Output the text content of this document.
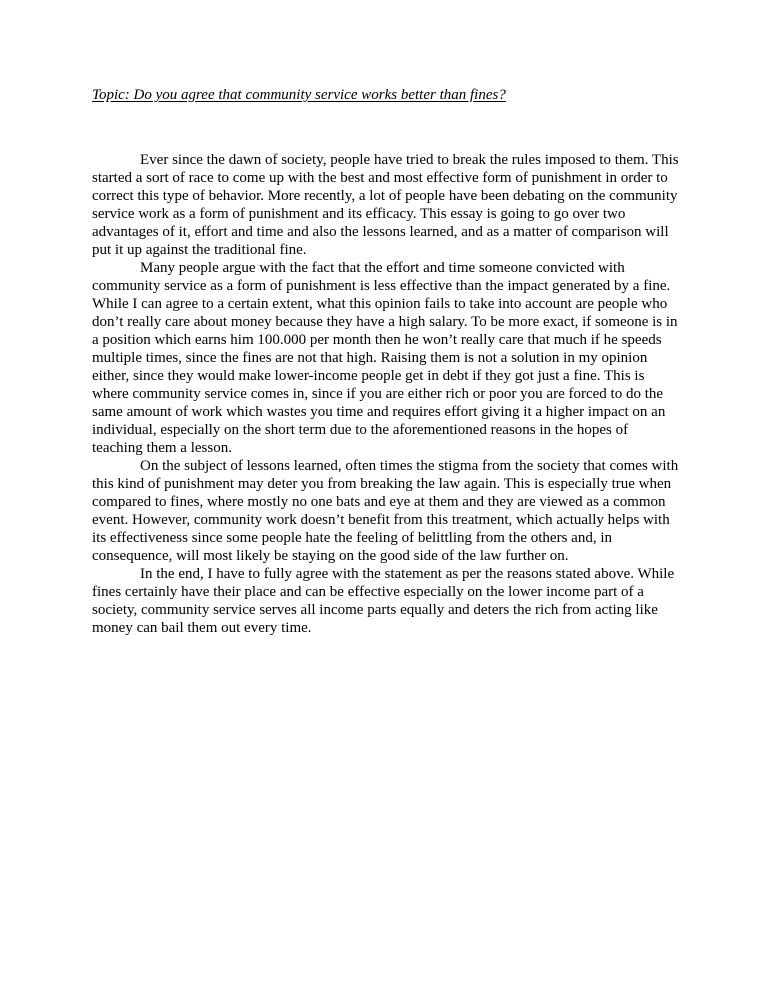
Topic: Do you agree that community service works better than fines?

Ever since the dawn of society, people have tried to break the rules imposed to them. This started a sort of race to come up with the best and most effective form of punishment in order to correct this type of behavior. More recently, a lot of people have been debating on the community service work as a form of punishment and its efficacy. This essay is going to go over two advantages of it, effort and time and also the lessons learned, and as a matter of comparison will put it up against the traditional fine.

Many people argue with the fact that the effort and time someone convicted with community service as a form of punishment is less effective than the impact generated by a fine. While I can agree to a certain extent, what this opinion fails to take into account are people who don’t really care about money because they have a high salary. To be more exact, if someone is in a position which earns him 100.000 per month then he won’t really care that much if he speeds multiple times, since the fines are not that high. Raising them is not a solution in my opinion either, since they would make lower-income people get in debt if they got just a fine. This is where community service comes in, since if you are either rich or poor you are forced to do the same amount of work which wastes you time and requires effort giving it a higher impact on an individual, especially on the short term due to the aforementioned reasons in the hopes of teaching them a lesson.

On the subject of lessons learned, often times the stigma from the society that comes with this kind of punishment may deter you from breaking the law again. This is especially true when compared to fines, where mostly no one bats and eye at them and they are viewed as a common event. However, community work doesn’t benefit from this treatment, which actually helps with its effectiveness since some people hate the feeling of belittling from the others and, in consequence, will most likely be staying on the good side of the law further on.

In the end, I have to fully agree with the statement as per the reasons stated above. While fines certainly have their place and can be effective especially on the lower income part of a society, community service serves all income parts equally and deters the rich from acting like money can bail them out every time.
